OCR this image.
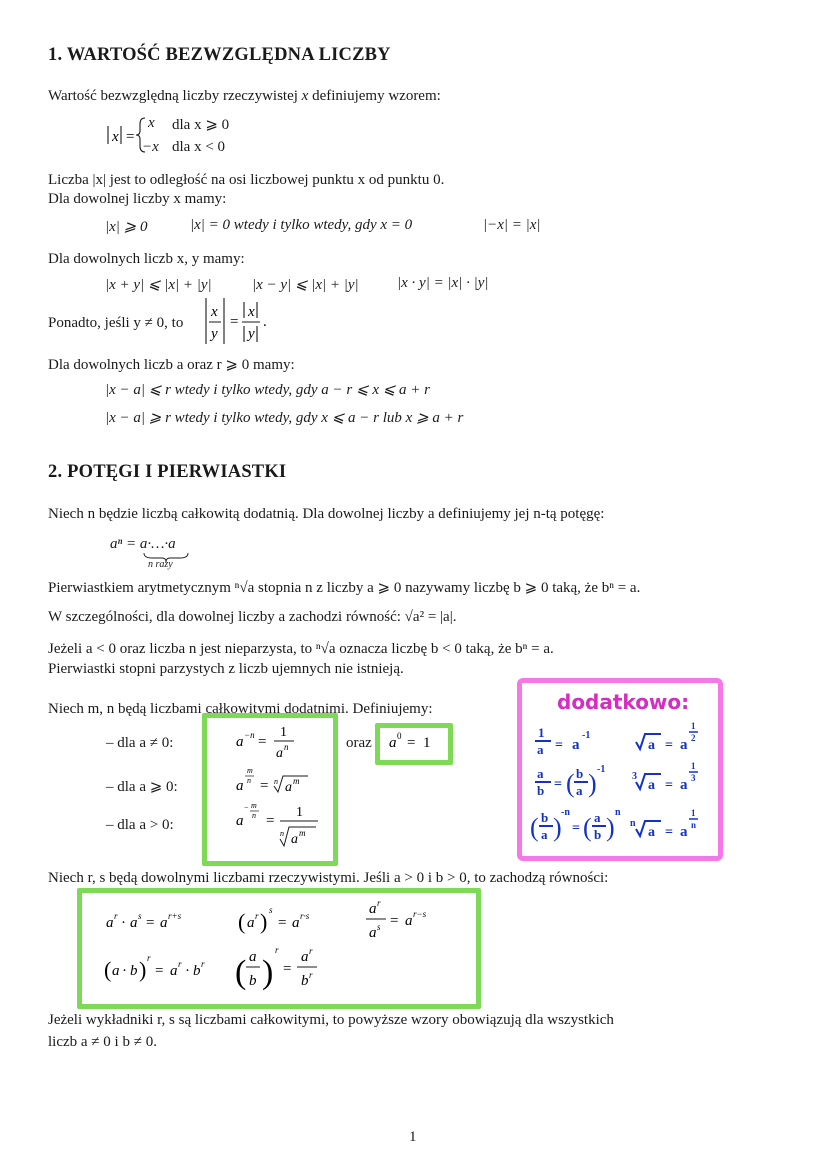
1. WARTOŚĆ BEZWZGLĘDNA LICZBY
Wartość bezwzględną liczby rzeczywistej x definiujemy wzorem:
x =
x dla x ⩾ 0
−x dla x < 0
Liczba |x| jest to odległość na osi liczbowej punktu x od punktu 0.
Dla dowolnej liczby x mamy:
|x| ⩾ 0	|x| = 0 wtedy i tylko wtedy, gdy x = 0	|−x| = |x|
Dla dowolnych liczb x, y mamy:
|x + y| ⩽ |x| + |y|	|x − y| ⩽ |x| + |y|	|x · y| = |x| · |y|
Ponadto, jeśli y ≠ 0, to
x
y
=
x
y
.
Dla dowolnych liczb a oraz r ⩾ 0 mamy:
|x − a| ⩽ r wtedy i tylko wtedy, gdy a − r ⩽ x ⩽ a + r
|x − a| ⩾ r wtedy i tylko wtedy, gdy x ⩽ a − r lub x ⩾ a + r
2. POTĘGI I PIERWIASTKI
Niech n będzie liczbą całkowitą dodatnią. Dla dowolnej liczby a definiujemy jej n-tą potęgę:
aⁿ = a·…·a
n razy
Pierwiastkiem arytmetycznym ⁿ√a stopnia n z liczby a ⩾ 0 nazywamy liczbę b ⩾ 0 taką, że bⁿ = a.
W szczególności, dla dowolnej liczby a zachodzi równość: √a² = |a|.
Jeżeli a < 0 oraz liczba n jest nieparzysta, to ⁿ√a oznacza liczbę b < 0 taką, że bⁿ = a.
Pierwiastki stopni parzystych z liczb ujemnych nie istnieją.
Niech m, n będą liczbami całkowitymi dodatnimi. Definiujemy:
– dla a ≠ 0:
– dla a ⩾ 0:
– dla a > 0:
a −n =
1
a n
a
m
n = n a m
a
− m
n =
1
n a m
oraz a 0 = 1
dodatkowo:
1
a = a
-1
a = a
1
2
a
b = ( b
a ) -1
3
a = a
1
3
( b
a )
-n
= ( a
b )
n
n
a = a
1
n
Niech r, s będą dowolnymi liczbami rzeczywistymi. Jeśli a > 0 i b > 0, to zachodzą równości:
a r · a s = a r+s	( a r ) s
= a r·s	a r
a s = a r−s
( a · b ) r
= a r · b r ( a
b )
r
=
a r
b r
Jeżeli wykładniki r, s są liczbami całkowitymi, to powyższe wzory obowiązują dla wszystkich
liczb a ≠ 0 i b ≠ 0.
1
